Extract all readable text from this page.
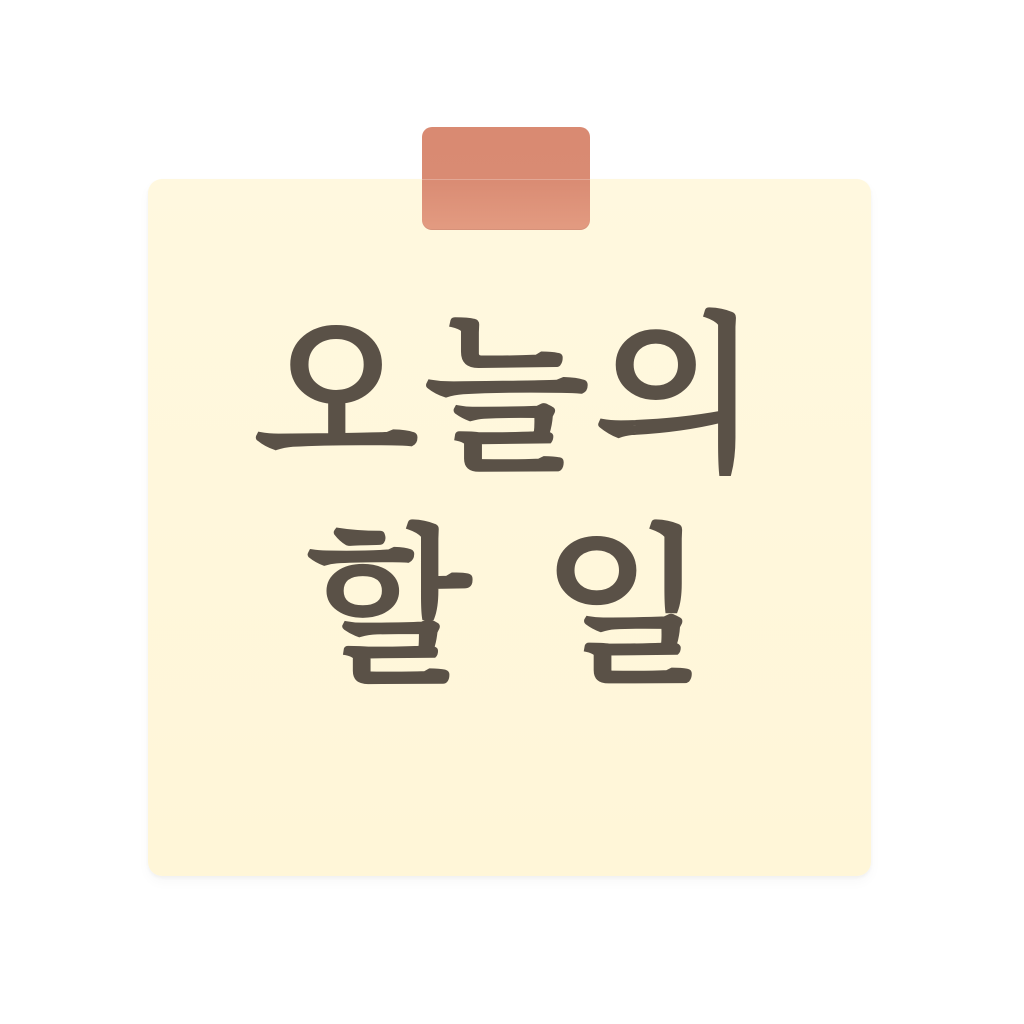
오늘의
할 일
